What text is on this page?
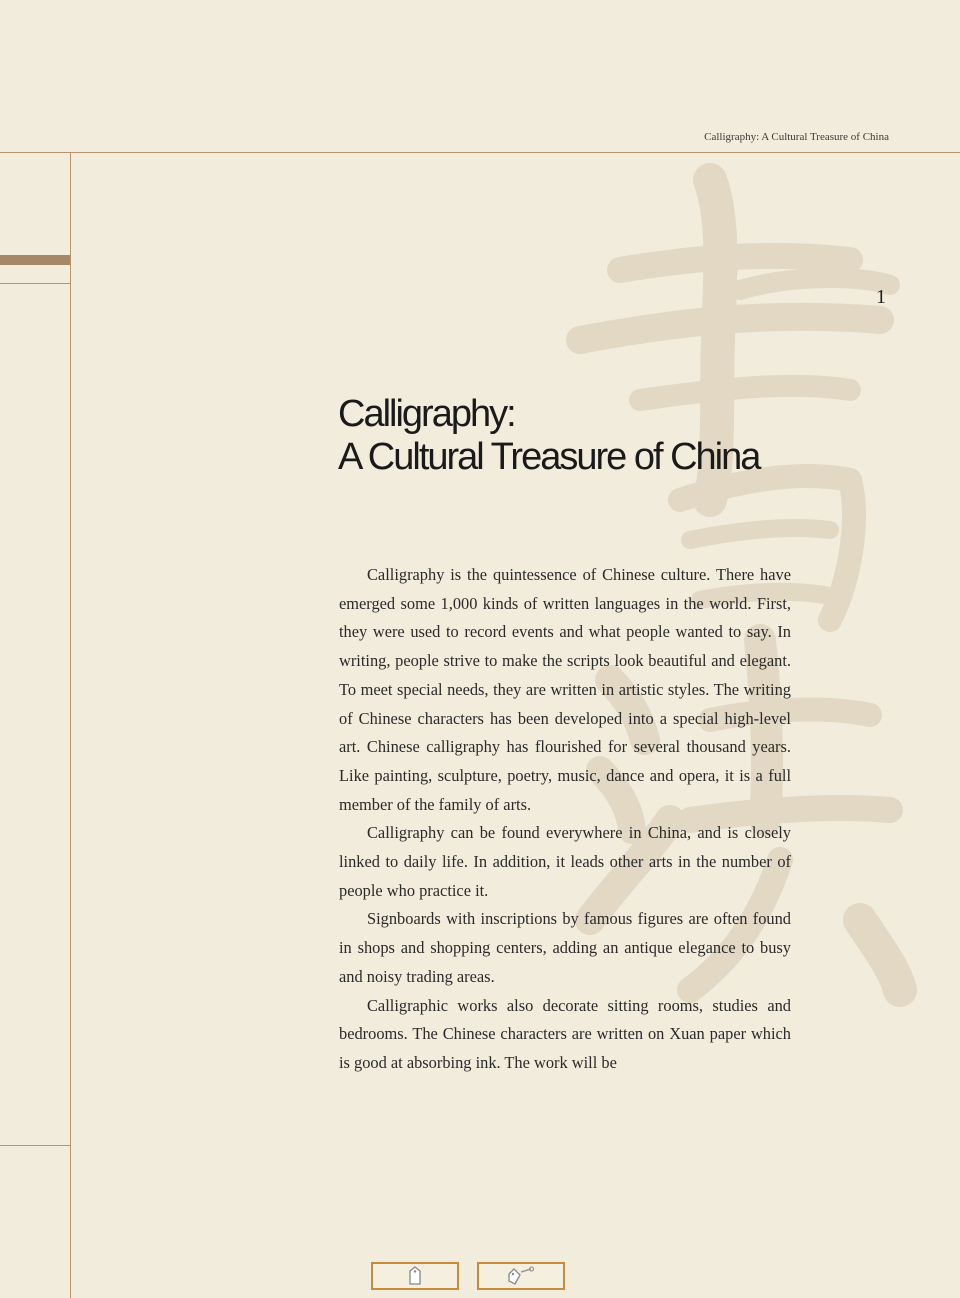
Calligraphy: A Cultural Treasure of China
1
Calligraphy:
A Cultural Treasure of China

Calligraphy is the quintessence of Chinese culture. There have emerged some 1,000 kinds of written languages in the world. First, they were used to record events and what people wanted to say. In writing, people strive to make the scripts look beautiful and elegant. To meet special needs, they are written in artistic styles. The writing of Chinese characters has been developed into a special high-level art. Chinese calligraphy has flourished for several thousand years. Like painting, sculpture, poetry, music, dance and opera, it is a full member of the family of arts.

Calligraphy can be found everywhere in China, and is closely linked to daily life. In addition, it leads other arts in the number of people who practice it.

Signboards with inscriptions by famous figures are often found in shops and shopping centers, adding an antique elegance to busy and noisy trading areas.

Calligraphic works also decorate sitting rooms, studies and bedrooms. The Chinese characters are written on Xuan paper which is good at absorbing ink. The work will be
